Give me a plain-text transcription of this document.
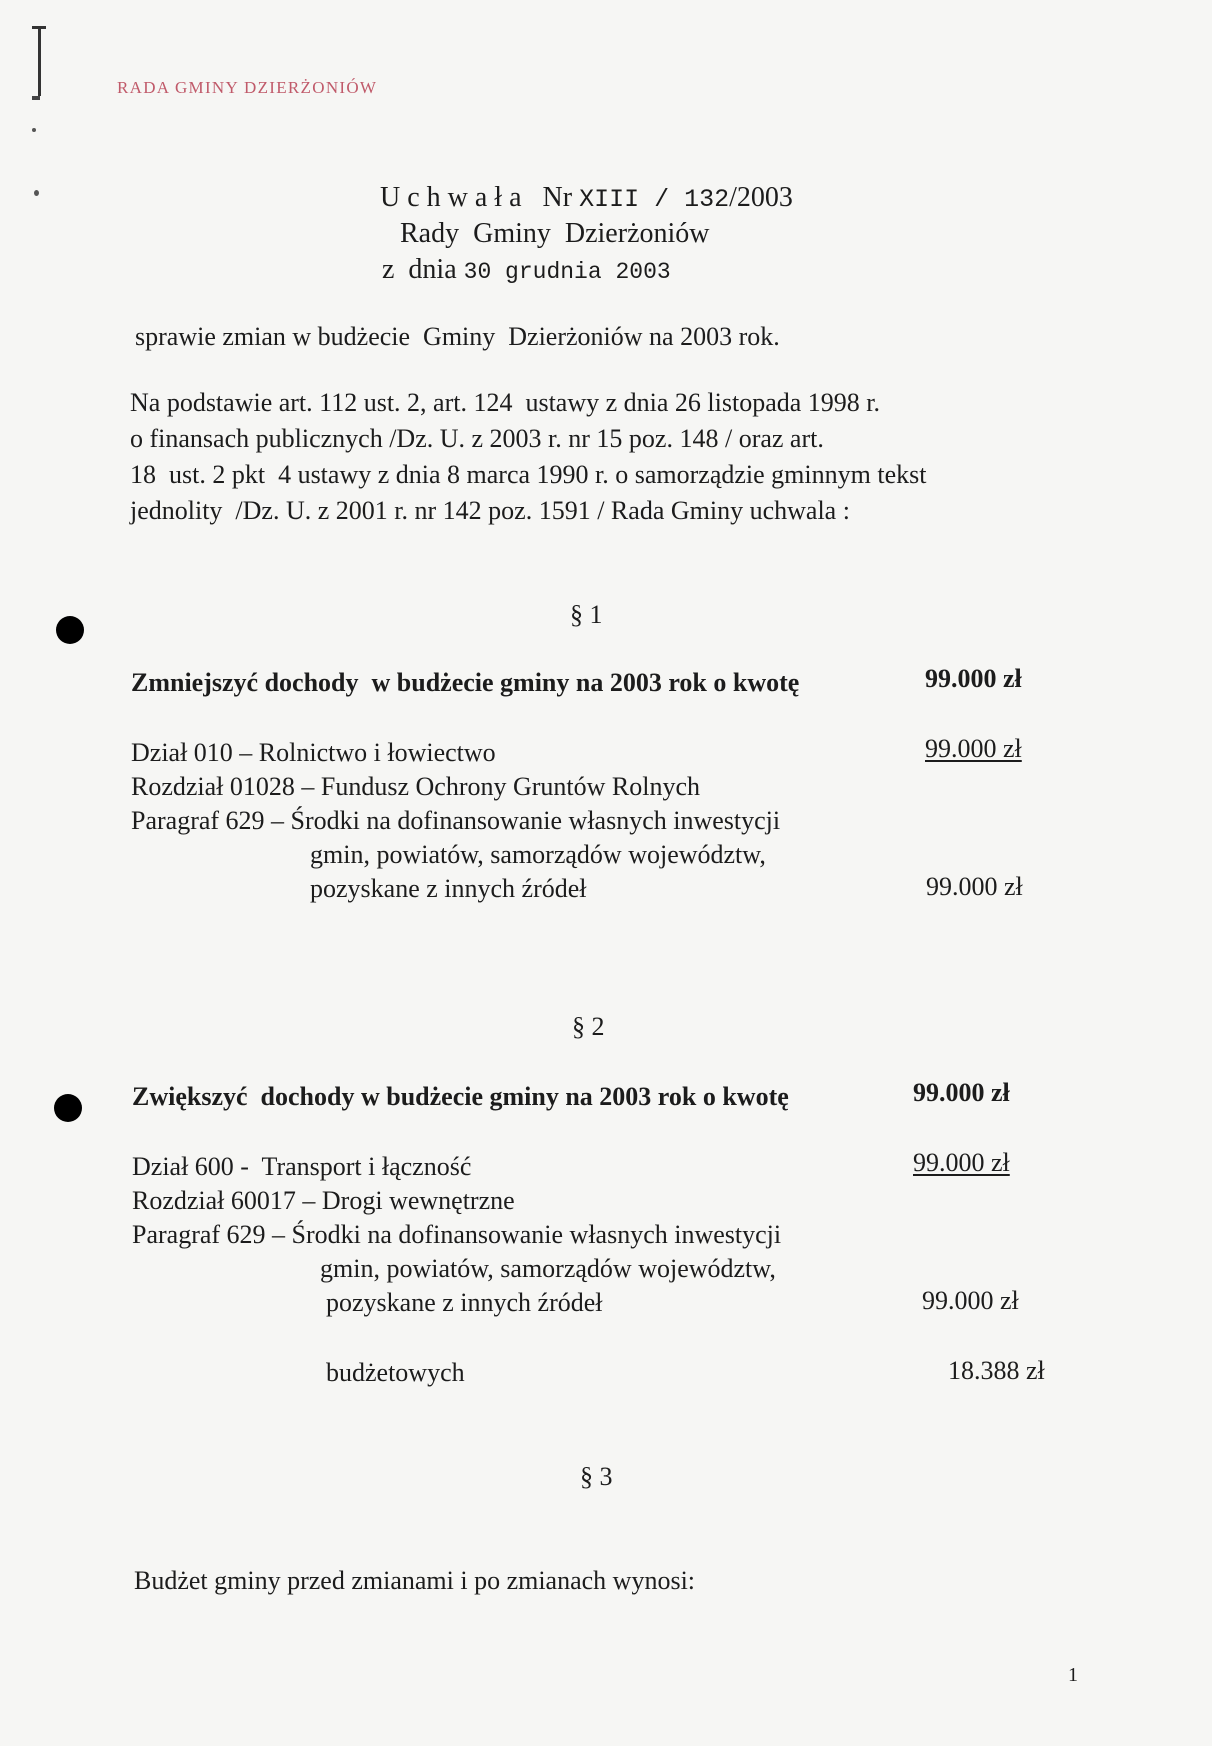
RADA GMINY DZIERŻONIÓW
U c h w a ł a   Nr XIII / 132/2003
Rady  Gminy  Dzierżoniów
z  dnia 30 grudnia 2003
sprawie zmian w budżecie  Gminy  Dzierżoniów na 2003 rok.
Na podstawie art. 112 ust. 2, art. 124  ustawy z dnia 26 listopada 1998 r.
o finansach publicznych /Dz. U. z 2003 r. nr 15 poz. 148 / oraz art.
18  ust. 2 pkt  4 ustawy z dnia 8 marca 1990 r. o samorządzie gminnym tekst
jednolity  /Dz. U. z 2001 r. nr 142 poz. 1591 / Rada Gminy uchwala :
§ 1
Zmniejszyć dochody  w budżecie gminy na 2003 rok o kwotę	99.000 zł
Dział 010 – Rolnictwo i łowiectwo	99.000 zł
Rozdział 01028 – Fundusz Ochrony Gruntów Rolnych
Paragraf 629 – Środki na dofinansowanie własnych inwestycji
gmin, powiatów, samorządów województw,
pozyskane z innych źródeł	99.000 zł
§ 2
Zwiększyć  dochody w budżecie gminy na 2003 rok o kwotę	99.000 zł
Dział 600 -  Transport i łączność	99.000 zł
Rozdział 60017 – Drogi wewnętrzne
Paragraf 629 – Środki na dofinansowanie własnych inwestycji
gmin, powiatów, samorządów województw,
pozyskane z innych źródeł	99.000 zł
budżetowych	18.388 zł
§ 3
Budżet gminy przed zmianami i po zmianach wynosi:
1
